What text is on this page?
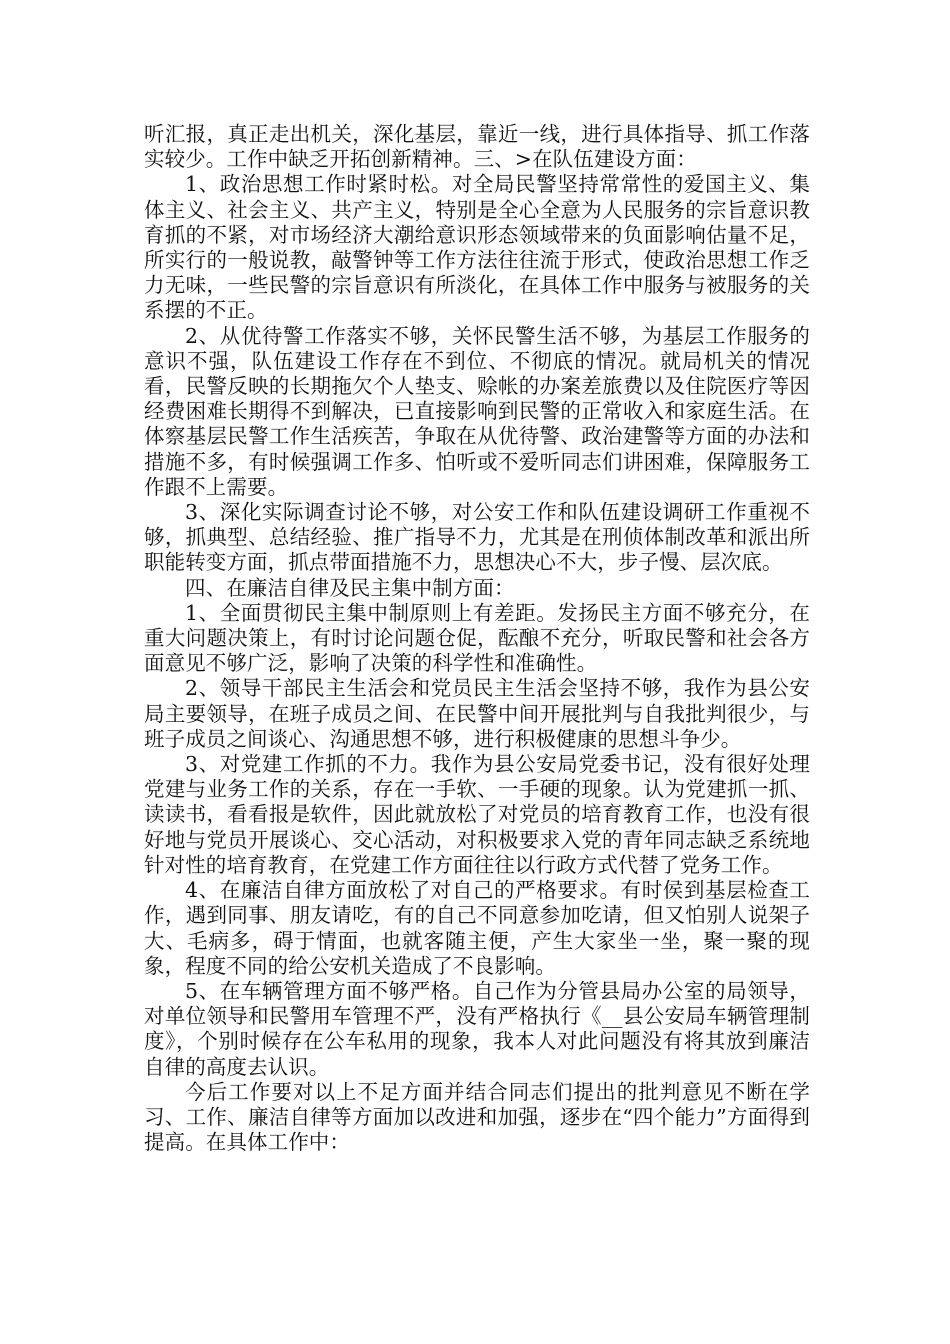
听汇报，真正走出机关，深化基层，靠近一线，进行具体指导、抓工作落实较少。工作中缺乏开拓创新精神。三、>在队伍建设方面：

1、政治思想工作时紧时松。对全局民警坚持常常性的爱国主义、集体主义、社会主义、共产主义，特别是全心全意为人民服务的宗旨意识教育抓的不紧，对市场经济大潮给意识形态领域带来的负面影响估量不足，所实行的一般说教，敲警钟等工作方法往往流于形式，使政治思想工作乏力无味，一些民警的宗旨意识有所淡化，在具体工作中服务与被服务的关系摆的不正。

2、从优待警工作落实不够，关怀民警生活不够，为基层工作服务的意识不强，队伍建设工作存在不到位、不彻底的情况。就局机关的情况看，民警反映的长期拖欠个人垫支、赊帐的办案差旅费以及住院医疗等因经费困难长期得不到解决，已直接影响到民警的正常收入和家庭生活。在体察基层民警工作生活疾苦，争取在从优待警、政治建警等方面的办法和措施不多，有时候强调工作多、怕听或不爱听同志们讲困难，保障服务工作跟不上需要。

3、深化实际调查讨论不够，对公安工作和队伍建设调研工作重视不够，抓典型、总结经验、推广指导不力，尤其是在刑侦体制改革和派出所职能转变方面，抓点带面措施不力，思想决心不大，步子慢、层次底。

四、在廉洁自律及民主集中制方面：

1、全面贯彻民主集中制原则上有差距。发扬民主方面不够充分，在重大问题决策上，有时讨论问题仓促，酝酿不充分，听取民警和社会各方面意见不够广泛，影响了决策的科学性和准确性。

2、领导干部民主生活会和党员民主生活会坚持不够，我作为县公安局主要领导，在班子成员之间、在民警中间开展批判与自我批判很少，与班子成员之间谈心、沟通思想不够，进行积极健康的思想斗争少。

3、对党建工作抓的不力。我作为县公安局党委书记，没有很好处理党建与业务工作的关系，存在一手软、一手硬的现象。认为党建抓一抓、读读书，看看报是软件，因此就放松了对党员的培育教育工作，也没有很好地与党员开展谈心、交心活动，对积极要求入党的青年同志缺乏系统地针对性的培育教育，在党建工作方面往往以行政方式代替了党务工作。

4、在廉洁自律方面放松了对自己的严格要求。有时侯到基层检查工作，遇到同事、朋友请吃，有的自己不同意参加吃请，但又怕别人说架子大、毛病多，碍于情面，也就客随主便，产生大家坐一坐，聚一聚的现象，程度不同的给公安机关造成了不良影响。

5、在车辆管理方面不够严格。自己作为分管县局办公室的局领导，对单位领导和民警用车管理不严，没有严格执行《__县公安局车辆管理制度》，个别时候存在公车私用的现象，我本人对此问题没有将其放到廉洁自律的高度去认识。

今后工作要对以上不足方面并结合同志们提出的批判意见不断在学习、工作、廉洁自律等方面加以改进和加强，逐步在“四个能力”方面得到提高。在具体工作中：
